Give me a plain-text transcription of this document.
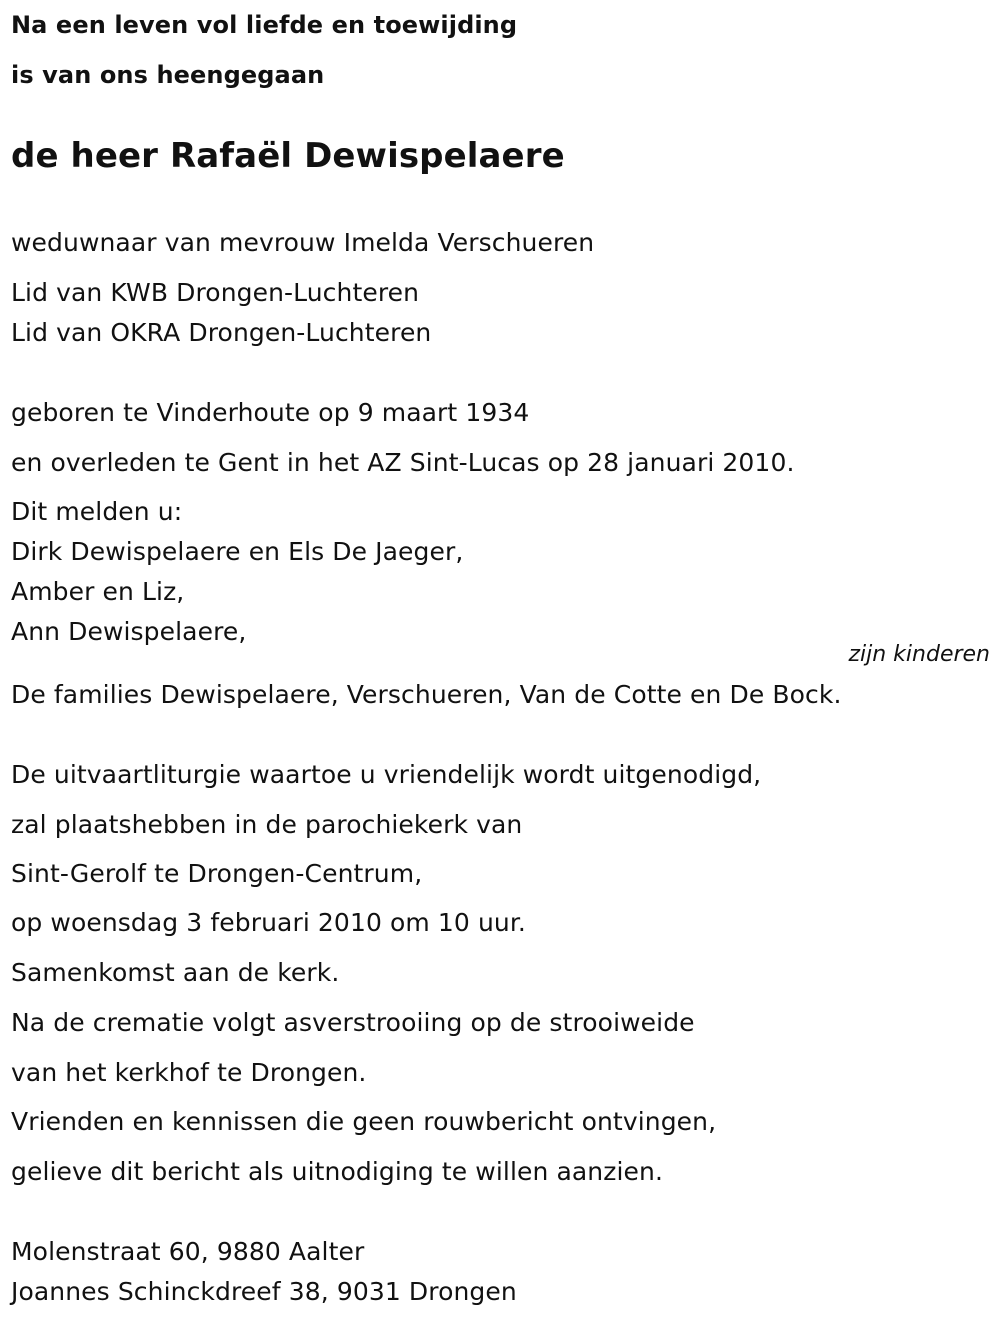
Na een leven vol liefde en toewijding
is van ons heengegaan
de heer Rafaël Dewispelaere
weduwnaar van mevrouw Imelda Verschueren
Lid van KWB Drongen-Luchteren
Lid van OKRA Drongen-Luchteren
geboren te Vinderhoute op 9 maart 1934
en overleden te Gent in het AZ Sint-Lucas op 28 januari 2010.
Dit melden u:
Dirk Dewispelaere en Els De Jaeger,
Amber en Liz,
Ann Dewispelaere,
zijn kinderen
De families Dewispelaere, Verschueren, Van de Cotte en De Bock.
De uitvaartliturgie waartoe u vriendelijk wordt uitgenodigd,
zal plaatshebben in de parochiekerk van
Sint-Gerolf te Drongen-Centrum,
op woensdag 3 februari 2010 om 10 uur.
Samenkomst aan de kerk.
Na de crematie volgt asverstrooiing op de strooiweide
van het kerkhof te Drongen.
Vrienden en kennissen die geen rouwbericht ontvingen,
gelieve dit bericht als uitnodiging te willen aanzien.
Molenstraat 60, 9880 Aalter
Joannes Schinckdreef 38, 9031 Drongen
